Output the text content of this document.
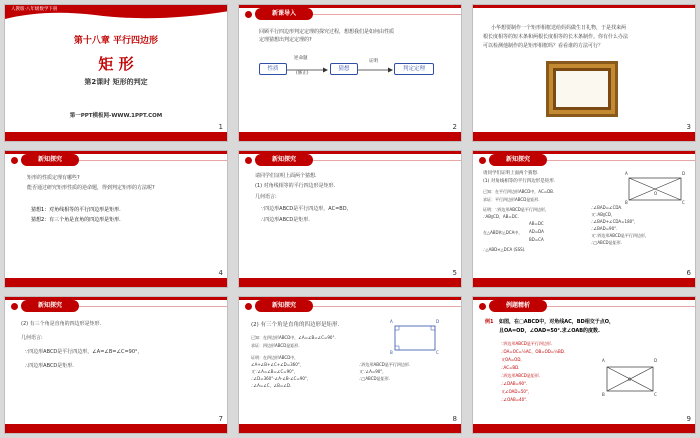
人教版·八年级数学下册
第十八章 平行四边形
矩 形
第2课时 矩形的判定
第一PPT模板网-WWW.1PPT.COM
1
新课导入
回顾平行四边形判定定理的探究过程，想想我们是如何由性质
定理猜想出判定定理的?
性质
逆命题
(修正)
猜想
证明
判定定理
2
小华想要制作一个矩形相框送给妈妈做生日礼物，于是找来两
根长度相等的短木条和两根长度相等的长木条制作。你有什么办法
可以检测他制作的是矩形相框吗？看看谁的方法可行？
3
新知探究
矩形的性质定理有哪些?
能否通过研究矩形性质的逆命题，得到判定矩形的方法呢?
猜想1：对角线相等的平行四边形是矩形.
猜想2：有三个角是直角的四边形是矩形.
4
新知探究
请同学们证明上面两个猜想.
(1) 对角线相等的平行四边形是矩形.
几何语言:
∵四边形ABCD是平行四边形，AC=BD,
∴四边形ABCD是矩形.
5
新知探究
请同学们证明上面两个猜想.
(1) 对角线相等的平行四边形是矩形.
已知：在平行四边形ABCD中，AC=DB.
求证：平行四边形ABCD是矩形.
证明：∵四边形ABCD是平行四边形，
∴AB∥CD，AB=DC.
在△ABD和△DCA中，
AB=DC
AD=DA
BD=CA
∴△ABD≌△DCA (SSS).
∴∠BAD=∠CDA.
又∵AB∥CD，
∴∠BAD+∠CDA=180°，
∴∠BAD=90°.
又∵四边形ABCD是平行四边形，
∴□ABCD是矩形.
A
B	C
D
O
6
新知探究
(2) 有三个角是直角的四边形是矩形.
几何语言:
∵四边形ABCD是平行四边形，∠A=∠B=∠C=90°，
∴四边形ABCD是矩形.
7
新知探究
(2) 有三个角是直角的四边形是矩形.
已知：在四边形ABCD中，∠A=∠B=∠C=90°.
求证：四边形ABCD是矩形.
证明：在四边形ABCD中，
∠A+∠B+∠C+∠D=360°，
又∵∠A=∠B=∠C=90°，
∴∠D=360°-∠A-∠B-∠C=90°，
∴∠A=∠C，∠B=∠D.
∴四边形ABCD是平行四边形.
又∵∠A=90°，
∴□ABCD是矩形.
A
B	C
D
8
例题精析
例1 如图，在□ABCD中，对角线AC，BD相交于点O，
且OA=OD，∠OAD=50°.求∠OAB的度数.
∵四边形ABCD是平行四边形.
∴OA=OC=½AC，OB=OD=½BD.
又OA=OD,
∴AC=BD.
∴四边形ABCD是矩形.
∴∠DAB=90°.
又∠OAD=50°，
∴∠OAB=40°.
A
B	C
D
O
9
